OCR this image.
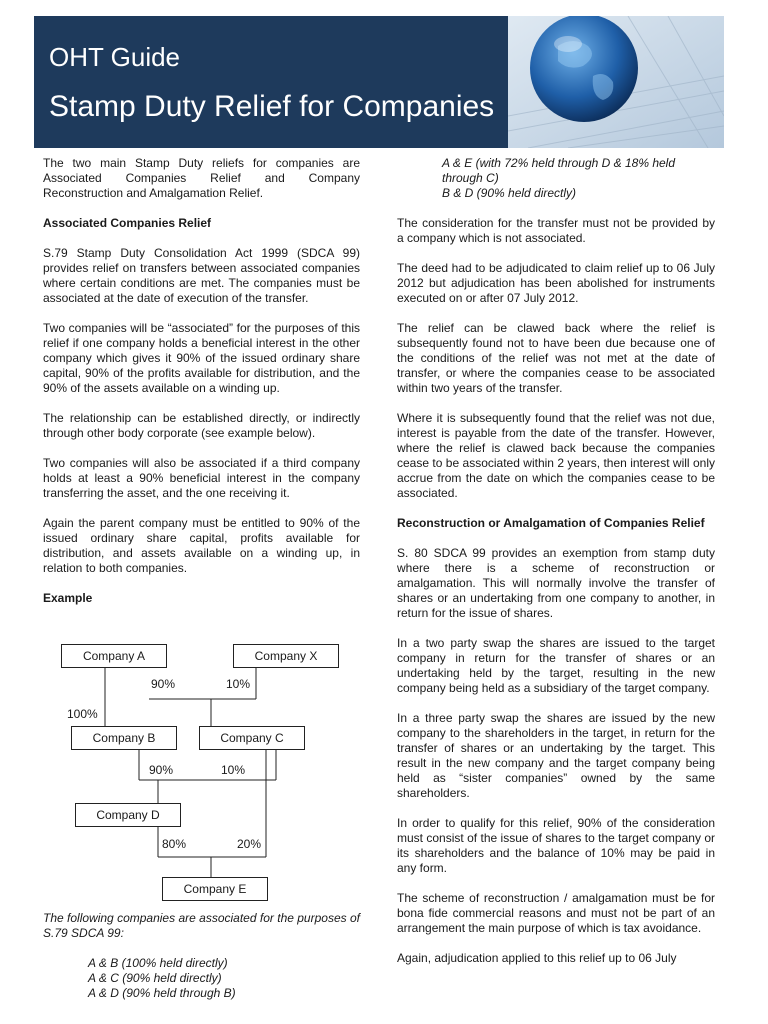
OHT Guide
Stamp Duty Relief for Companies

The two main Stamp Duty reliefs for companies are Associated Companies Relief and Company Reconstruction and Amalgamation Relief.

Associated Companies Relief

S.79 Stamp Duty Consolidation Act 1999 (SDCA 99) provides relief on transfers between associated companies where certain conditions are met. The companies must be associated at the date of execution of the transfer.

Two companies will be “associated” for the purposes of this relief if one company holds a beneficial interest in the other company which gives it 90% of the issued ordinary share capital, 90% of the profits available for distribution, and the 90% of the assets available on a winding up.

The relationship can be established directly, or indirectly through other body corporate (see example below).

Two companies will also be associated if a third company holds at least a 90% beneficial interest in the company transferring the asset, and the one receiving it.

Again the parent company must be entitled to 90% of the issued ordinary share capital, profits available for distribution, and assets available on a winding up, in relation to both companies.

Example

Company A	Company X
Company B	Company C
Company D
Company E
90%	10%
100%
90%	10%
80%	20%

The following companies are associated for the purposes of S.79 SDCA 99:

A & B (100% held directly)
A & C (90% held directly)
A & D (90% held through B)
A & E (with 72% held through D & 18% held through C)
B & D (90% held directly)

The consideration for the transfer must not be provided by a company which is not associated.

The deed had to be adjudicated to claim relief up to 06 July 2012 but adjudication has been abolished for instruments executed on or after 07 July 2012.

The relief can be clawed back where the relief is subsequently found not to have been due because one of the conditions of the relief was not met at the date of transfer, or where the companies cease to be associated within two years of the transfer.

Where it is subsequently found that the relief was not due, interest is payable from the date of the transfer. However, where the relief is clawed back because the companies cease to be associated within 2 years, then interest will only accrue from the date on which the companies cease to be associated.

Reconstruction or Amalgamation of Companies Relief

S. 80 SDCA 99 provides an exemption from stamp duty where there is a scheme of reconstruction or amalgamation. This will normally involve the transfer of shares or an undertaking from one company to another, in return for the issue of shares.

In a two party swap the shares are issued to the target company in return for the transfer of shares or an undertaking held by the target, resulting in the new company being held as a subsidiary of the target company.

In a three party swap the shares are issued by the new company to the shareholders in the target, in return for the transfer of shares or an undertaking by the target. This result in the new company and the target company being held as “sister companies” owned by the same shareholders.

In order to qualify for this relief, 90% of the consideration must consist of the issue of shares to the target company or its shareholders and the balance of 10% may be paid in any form.

The scheme of reconstruction / amalgamation must be for bona fide commercial reasons and must not be part of an arrangement the main purpose of which is tax avoidance.

Again, adjudication applied to this relief up to 06 July
